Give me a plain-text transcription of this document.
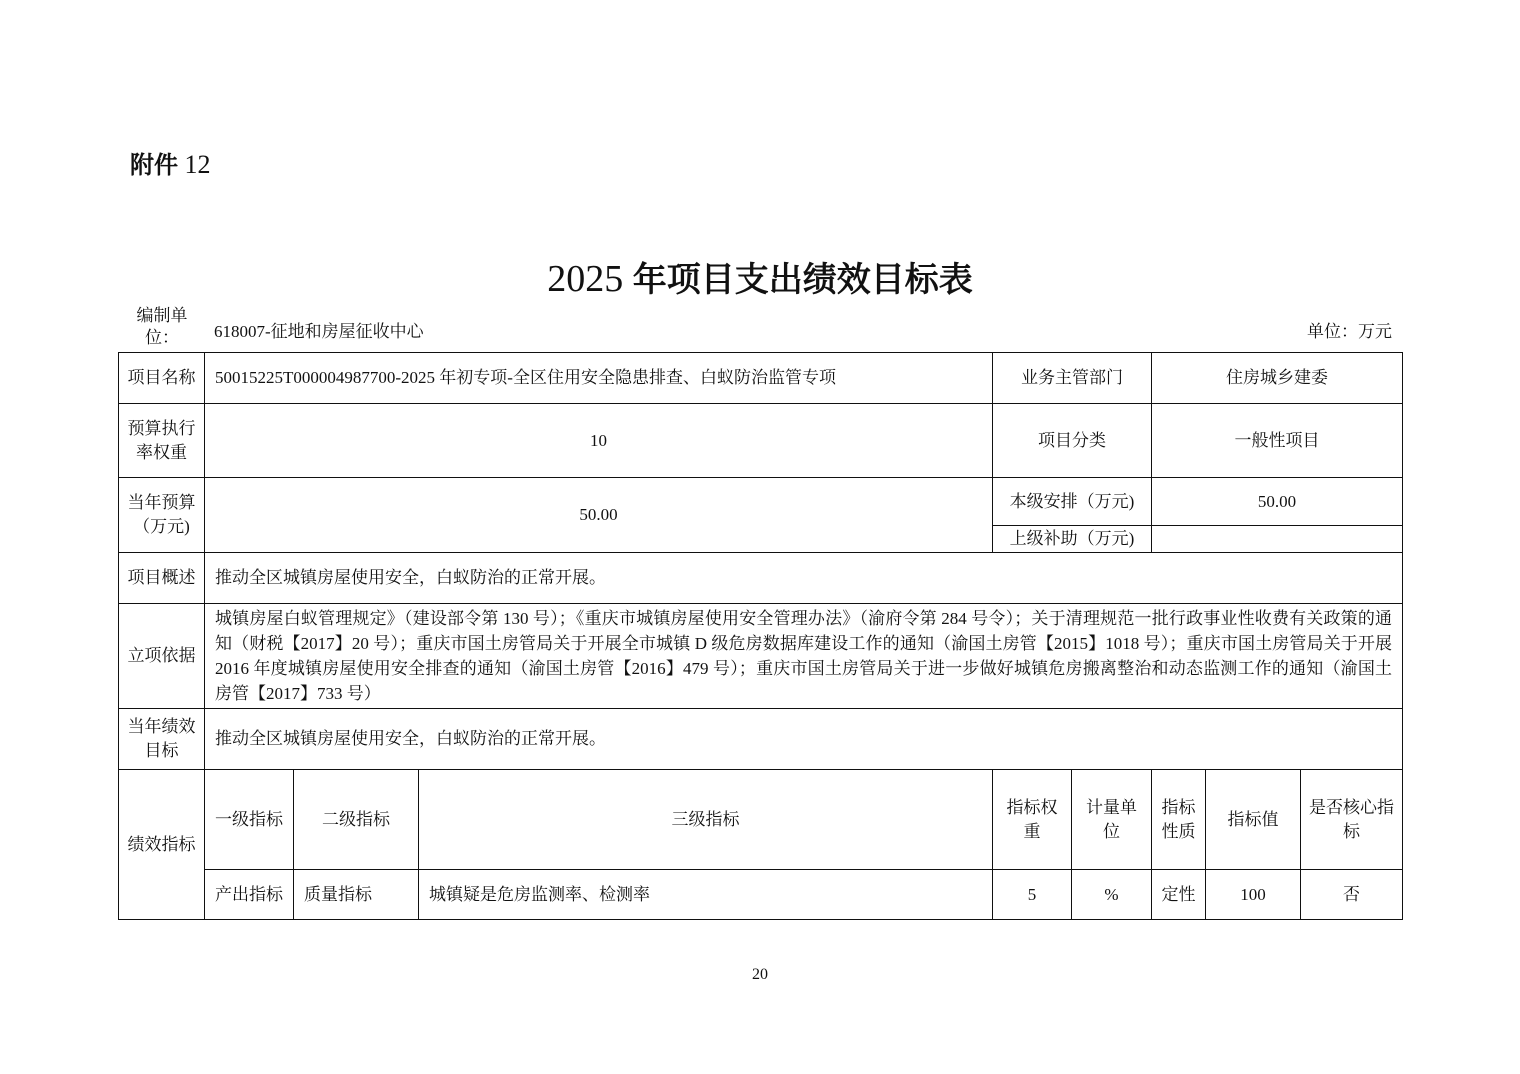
附件 12
2025 年项目支出绩效目标表
编制单位：	618007-征地和房屋征收中心	单位：万元
项目名称	50015225T000004987700-2025 年初专项-全区住用安全隐患排查、白蚁防治监管专项			业务主管部门		住房城乡建委		
预算执行率权重	10			项目分类		一般性项目		
当年预算（万元)	50.00			本级安排（万元)		50.00		
				上级补助（万元)				
项目概述	推动全区城镇房屋使用安全，白蚁防治的正常开展。							
立项依据	城镇房屋白蚁管理规定》（建设部令第 130 号）；《重庆市城镇房屋使用安全管理办法》（渝府令第 284 号令）；关于清理规范一批行政事业性收费有关政策的通知（财税【2017】20 号）；重庆市国土房管局关于开展全市城镇 D 级危房数据库建设工作的通知（渝国土房管【2015】1018 号）；重庆市国土房管局关于开展 2016 年度城镇房屋使用安全排查的通知（渝国土房管【2016】479 号）；重庆市国土房管局关于进一步做好城镇危房搬离整治和动态监测工作的通知（渝国土房管【2017】733 号）							
当年绩效目标	推动全区城镇房屋使用安全，白蚁防治的正常开展。							
绩效指标	一级指标	二级指标	三级指标	指标权重	计量单位	指标性质	指标值	是否核心指标
	产出指标	质量指标	城镇疑是危房监测率、检测率	5	%	定性	100	否
20
